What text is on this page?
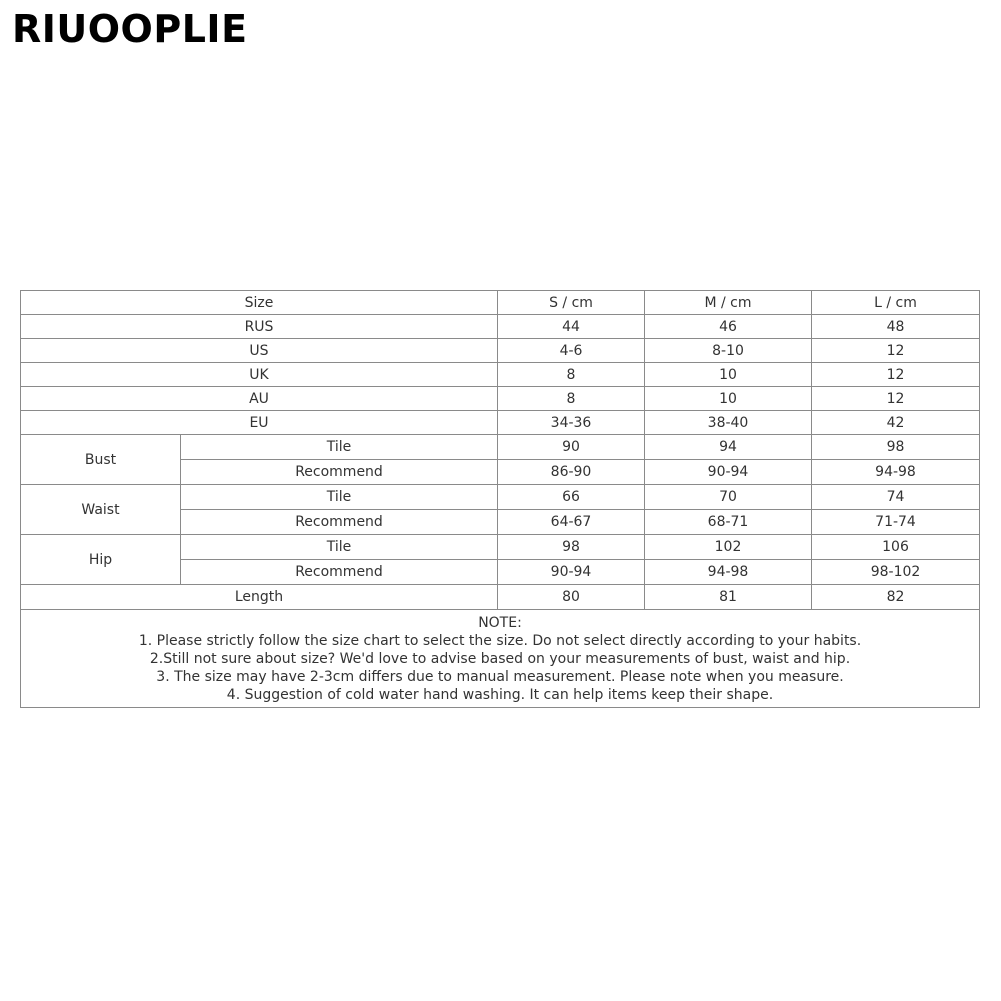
RIUOOPLIE
Size		S / cm	M / cm	L / cm
RUS		44	46	48
US		4-6	8-10	12
UK		8	10	12
AU		8	10	12
EU		34-36	38-40	42
Bust	Tile	90	94	98
	Recommend	86-90	90-94	94-98
Waist	Tile	66	70	74
	Recommend	64-67	68-71	71-74
Hip	Tile	98	102	106
	Recommend	90-94	94-98	98-102
Length		80	81	82

NOTE:
1. Please strictly follow the size chart to select the size. Do not select directly according to your habits.
2.Still not sure about size? We'd love to advise based on your measurements of bust, waist and hip.
3. The size may have 2-3cm differs due to manual measurement. Please note when you measure.
4. Suggestion of cold water hand washing. It can help items keep their shape.				
